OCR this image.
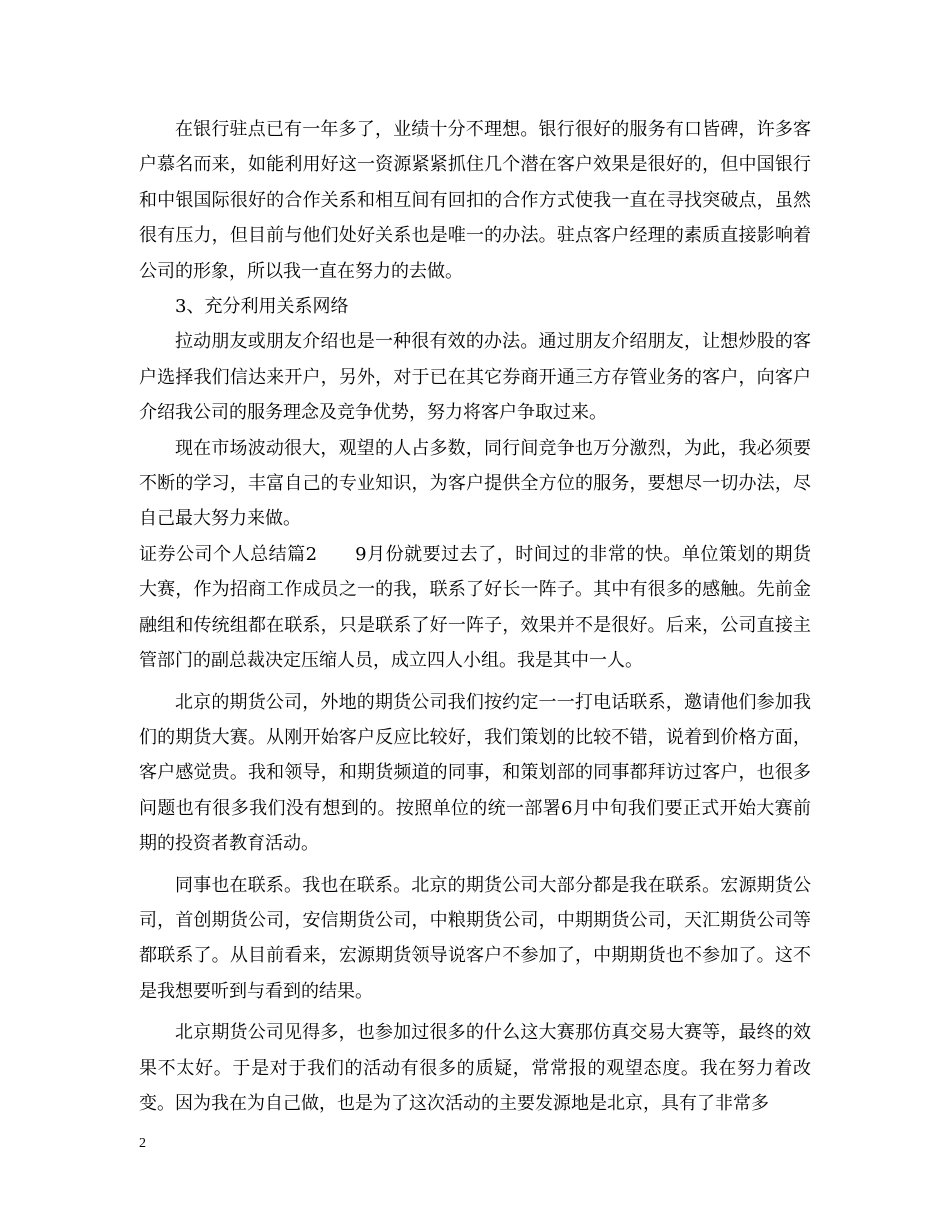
在银行驻点已有一年多了，业绩十分不理想。银行很好的服务有口皆碑，许多客户慕名而来，如能利用好这一资源紧紧抓住几个潜在客户效果是很好的，但中国银行和中银国际很好的合作关系和相互间有回扣的合作方式使我一直在寻找突破点，虽然很有压力，但目前与他们处好关系也是唯一的办法。驻点客户经理的素质直接影响着公司的形象，所以我一直在努力的去做。

3、充分利用关系网络

拉动朋友或朋友介绍也是一种很有效的办法。通过朋友介绍朋友，让想炒股的客户选择我们信达来开户，另外，对于已在其它券商开通三方存管业务的客户，向客户介绍我公司的服务理念及竞争优势，努力将客户争取过来。

现在市场波动很大，观望的人占多数，同行间竞争也万分激烈，为此，我必须要不断的学习，丰富自己的专业知识，为客户提供全方位的服务，要想尽一切办法，尽自己最大努力来做。

证券公司个人总结篇2 9月份就要过去了，时间过的非常的快。单位策划的期货大赛，作为招商工作成员之一的我，联系了好长一阵子。其中有很多的感触。先前金融组和传统组都在联系，只是联系了好一阵子，效果并不是很好。后来，公司直接主管部门的副总裁决定压缩人员，成立四人小组。我是其中一人。

北京的期货公司，外地的期货公司我们按约定一一打电话联系，邀请他们参加我们的期货大赛。从刚开始客户反应比较好，我们策划的比较不错，说着到价格方面，客户感觉贵。我和领导，和期货频道的同事，和策划部的同事都拜访过客户，也很多问题也有很多我们没有想到的。按照单位的统一部署6月中旬我们要正式开始大赛前期的投资者教育活动。

同事也在联系。我也在联系。北京的期货公司大部分都是我在联系。宏源期货公司，首创期货公司，安信期货公司，中粮期货公司，中期期货公司，天汇期货公司等都联系了。从目前看来，宏源期货领导说客户不参加了，中期期货也不参加了。这不是我想要听到与看到的结果。

北京期货公司见得多，也参加过很多的什么这大赛那仿真交易大赛等，最终的效果不太好。于是对于我们的活动有很多的质疑，常常报的观望态度。我在努力着改变。因为我在为自己做，也是为了这次活动的主要发源地是北京，具有了非常多

2
